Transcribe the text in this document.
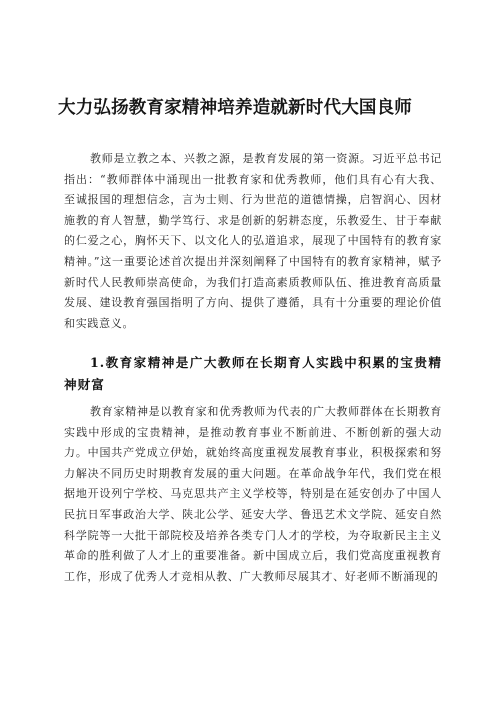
大力弘扬教育家精神培养造就新时代大国良师

教师是立教之本、兴教之源，是教育发展的第一资源。习近平总书记指出：“教师群体中涌现出一批教育家和优秀教师，他们具有心有大我、至诚报国的理想信念，言为士则、行为世范的道德情操，启智润心、因材施教的育人智慧，勤学笃行、求是创新的躬耕态度，乐教爱生、甘于奉献的仁爱之心，胸怀天下、以文化人的弘道追求，展现了中国特有的教育家精神。”这一重要论述首次提出并深刻阐释了中国特有的教育家精神，赋予新时代人民教师崇高使命，为我们打造高素质教师队伍、推进教育高质量发展、建设教育强国指明了方向、提供了遵循，具有十分重要的理论价值和实践意义。

1.教育家精神是广大教师在长期育人实践中积累的宝贵精神财富

教育家精神是以教育家和优秀教师为代表的广大教师群体在长期教育实践中形成的宝贵精神，是推动教育事业不断前进、不断创新的强大动力。中国共产党成立伊始，就始终高度重视发展教育事业，积极探索和努力解决不同历史时期教育发展的重大问题。在革命战争年代，我们党在根据地开设列宁学校、马克思共产主义学校等，特别是在延安创办了中国人民抗日军事政治大学、陕北公学、延安大学、鲁迅艺术文学院、延安自然科学院等一大批干部院校及培养各类专门人才的学校，为夺取新民主主义革命的胜利做了人才上的重要准备。新中国成立后，我们党高度重视教育工作，形成了优秀人才竞相从教、广大教师尽展其才、好老师不断涌现的
